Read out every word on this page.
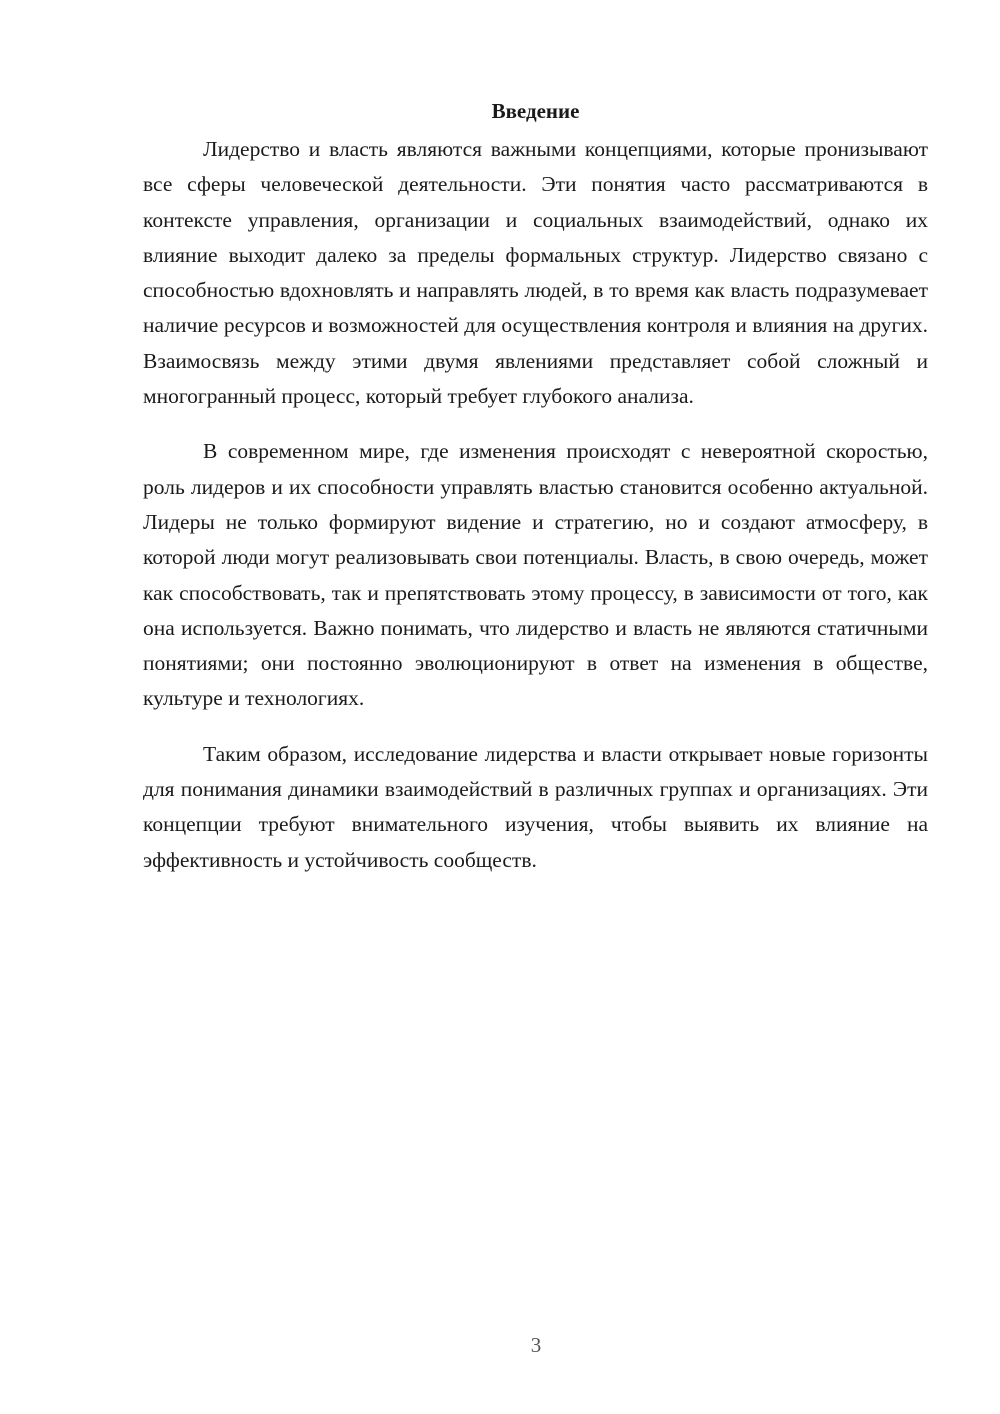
Введение

Лидерство и власть являются важными концепциями, которые пронизывают все сферы человеческой деятельности. Эти понятия часто рассматриваются в контексте управления, организации и социальных взаимодействий, однако их влияние выходит далеко за пределы формальных структур. Лидерство связано с способностью вдохновлять и направлять людей, в то время как власть подразумевает наличие ресурсов и возможностей для осуществления контроля и влияния на других. Взаимосвязь между этими двумя явлениями представляет собой сложный и многогранный процесс, который требует глубокого анализа.

В современном мире, где изменения происходят с невероятной скоростью, роль лидеров и их способности управлять властью становится особенно актуальной. Лидеры не только формируют видение и стратегию, но и создают атмосферу, в которой люди могут реализовывать свои потенциалы. Власть, в свою очередь, может как способствовать, так и препятствовать этому процессу, в зависимости от того, как она используется. Важно понимать, что лидерство и власть не являются статичными понятиями; они постоянно эволюционируют в ответ на изменения в обществе, культуре и технологиях.

Таким образом, исследование лидерства и власти открывает новые горизонты для понимания динамики взаимодействий в различных группах и организациях. Эти концепции требуют внимательного изучения, чтобы выявить их влияние на эффективность и устойчивость сообществ.

3
